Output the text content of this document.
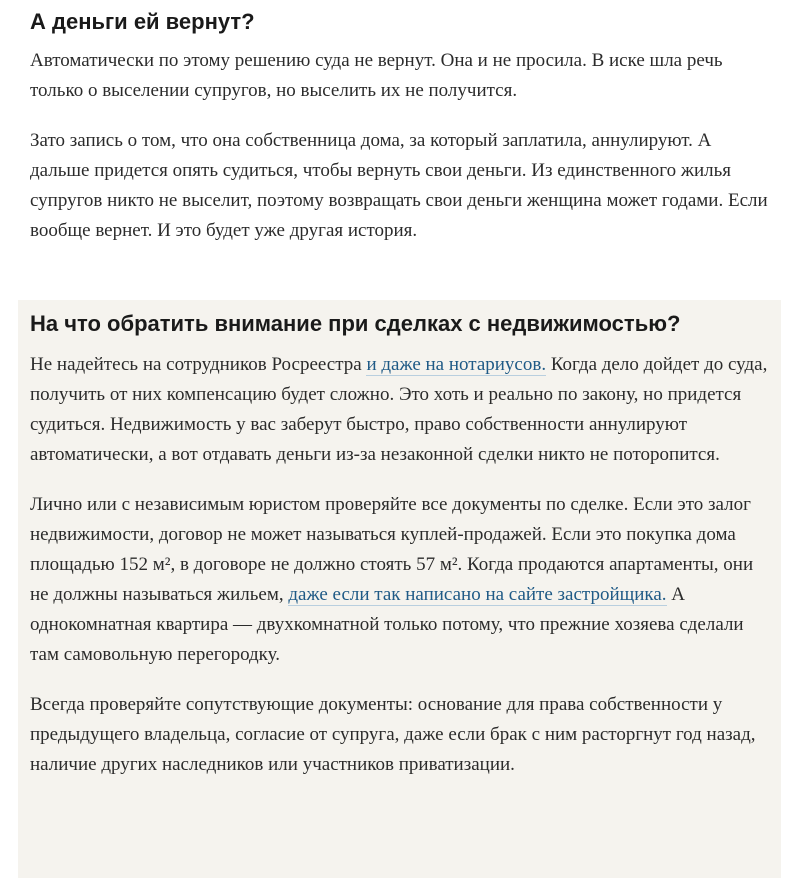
А деньги ей вернут?

Автоматически по этому решению суда не вернут. Она и не просила. В иске шла речь только о выселении супругов, но выселить их не получится.

Зато запись о том, что она собственница дома, за который заплатила, аннулируют. А дальше придется опять судиться, чтобы вернуть свои деньги. Из единственного жилья супругов никто не выселит, поэтому возвращать свои деньги женщина может годами. Если вообще вернет. И это будет уже другая история.

На что обратить внимание при сделках с недвижимостью?

Не надейтесь на сотрудников Росреестра и даже на нотариусов. Когда дело дойдет до суда, получить от них компенсацию будет сложно. Это хоть и реально по закону, но придется судиться. Недвижимость у вас заберут быстро, право собственности аннулируют автоматически, а вот отдавать деньги из-за незаконной сделки никто не поторопится.

Лично или с независимым юристом проверяйте все документы по сделке. Если это залог недвижимости, договор не может называться куплей-продажей. Если это покупка дома площадью 152 м², в договоре не должно стоять 57 м². Когда продаются апартаменты, они не должны называться жильем, даже если так написано на сайте застройщика. А однокомнатная квартира — двухкомнатной только потому, что прежние хозяева сделали там самовольную перегородку.

Всегда проверяйте сопутствующие документы: основание для права собственности у предыдущего владельца, согласие от супруга, даже если брак с ним расторгнут год назад, наличие других наследников или участников приватизации.
